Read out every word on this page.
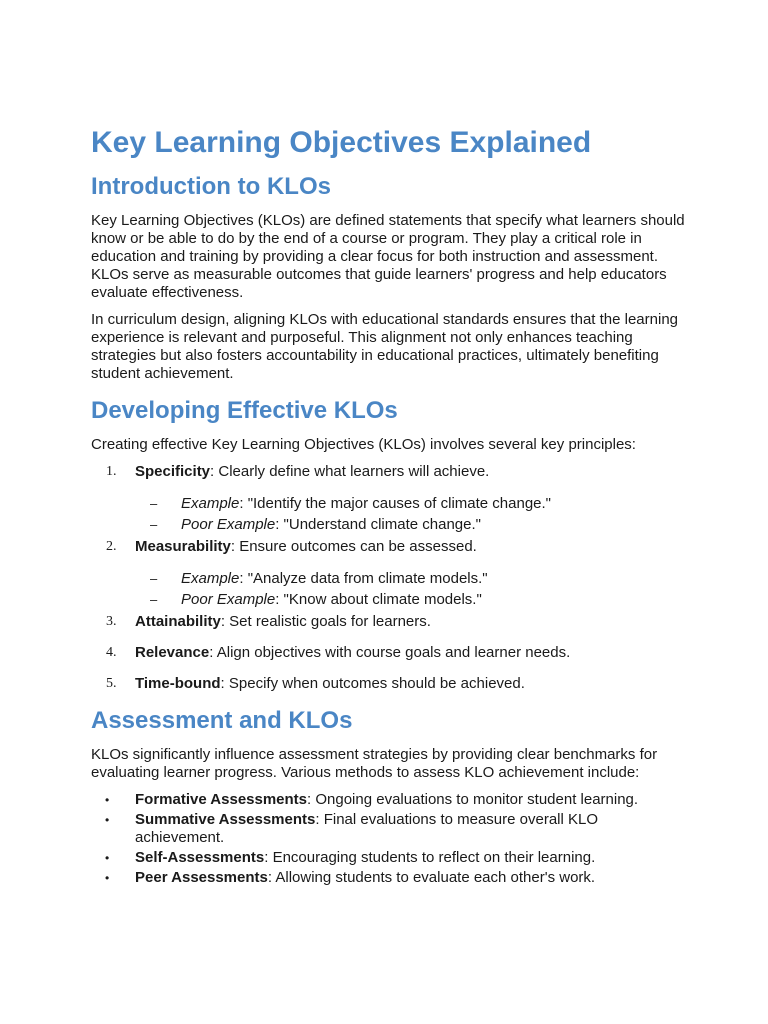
Key Learning Objectives Explained
Introduction to KLOs

Key Learning Objectives (KLOs) are defined statements that specify what learners should know or be able to do by the end of a course or program. They play a critical role in education and training by providing a clear focus for both instruction and assessment. KLOs serve as measurable outcomes that guide learners' progress and help educators evaluate effectiveness.

In curriculum design, aligning KLOs with educational standards ensures that the learning experience is relevant and purposeful. This alignment not only enhances teaching strategies but also fosters accountability in educational practices, ultimately benefiting student achievement.

Developing Effective KLOs

Creating effective Key Learning Objectives (KLOs) involves several key principles:

1. Specificity: Clearly define what learners will achieve.
– Example: "Identify the major causes of climate change."
– Poor Example: "Understand climate change."
2. Measurability: Ensure outcomes can be assessed.
– Example: "Analyze data from climate models."
– Poor Example: "Know about climate models."
3. Attainability: Set realistic goals for learners.
4. Relevance: Align objectives with course goals and learner needs.
5. Time-bound: Specify when outcomes should be achieved.
Assessment and KLOs

KLOs significantly influence assessment strategies by providing clear benchmarks for evaluating learner progress. Various methods to assess KLO achievement include:

• Formative Assessments: Ongoing evaluations to monitor student learning.
• Summative Assessments: Final evaluations to measure overall KLO achievement.
• Self-Assessments: Encouraging students to reflect on their learning.
• Peer Assessments: Allowing students to evaluate each other's work.
